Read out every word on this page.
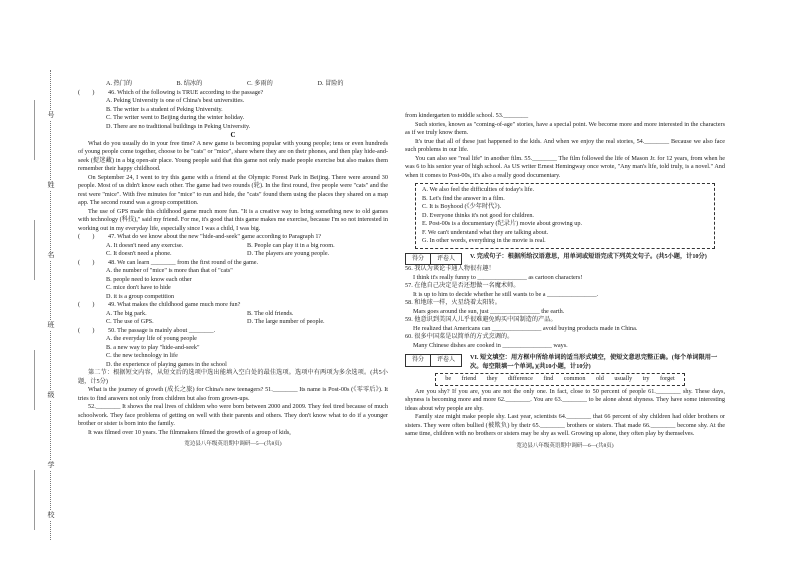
号
姓
名
班
级
学
校
A. 热门的	B. 结冰的	C. 多雨的	D. 冒险的
(　　)	46. Which of the following is TRUE according to the passage?
A. Peking University is one of China's best universities.
B. The writer is a student of Peking University.
C. The writer went to Beijing during the winter holiday.
D. There are no traditional buildings in Peking University.
C

What do you usually do in your free time? A new game is becoming popular with young people; tens or even hundreds of young people come together, choose to be "cats" or "mice", share where they are on their phones, and then play hide-and-seek (捉迷藏) in a big open-air place. Young people said that this game not only made people exercise but also makes them remember their happy childhood.

On September 24, I went to try this game with a friend at the Olympic Forest Park in Beijing. There were around 30 people. Most of us didn't know each other. The game had two rounds (轮). In the first round, five people were "cats" and the rest were "mice". With five minutes for "mice" to run and hide, the "cats" found them using the places they shared on a map app. The second round was a group competition.

The use of GPS made this childhood game much more fun. "It is a creative way to bring something new to old games with technology (科技)," said my friend. For me, it's good that this game makes me exercise, because I'm so not interested in working out in my everyday life, especially since I was a child, I was big.

(　　)	47. What do we know about the new "hide-and-seek" game according to Paragraph 1?
A. It doesn't need any exercise.	B. People can play it in a big room.
C. It doesn't need a phone.	D. The players are young people.
(　　)	48. We can learn ________ from the first round of the game.
A. the number of "mice" is more than that of "cats"
B. people need to know each other
C. mice don't have to hide
D. it is a group competition
(　　)	49. What makes the childhood game much more fun?
A. The big park.	B. The old friends.
C. The use of GPS.	D. The large number of people.
(　　)	50. The passage is mainly about ________.
A. the everyday life of young people
B. a new way to play "hide-and-seek"
C. the new technology in life
D. the experience of playing games in the school

第二节：根据短文内容，从短文后的选项中选出能填入空白处的最佳选项。选项中有两项为多余选项。(共5小题，计5分)

What is the journey of growth (成长之旅) for China's new teenagers? 51.________ Its name is Post-00s (《零零后》). It tries to find answers not only from children but also from grown-ups.

52.________ It shows the real lives of children who were born between 2000 and 2009. They feel tired because of much schoolwork. They face problems of getting on well with their parents and others. They don't know what to do if a younger brother or sister is born into the family.

It was filmed over 10 years. The filmmakers filmed the growth of a group of kids,

宽边县八年级英语期中调研—5—(共8页)

from kindergarten to middle school. 53.________

Such stories, known as "coming-of-age" stories, have a special point. We become more and more interested in the characters as if we truly know them.

It's true that all of these just happened to the kids. And when we enjoy the real stories, 54.________ Because we also face such problems in our life.

You can also see "real life" in another film. 55.________ The film followed the life of Mason Jr. for 12 years, from when he was 6 to his senior year of high school. As US writer Ernest Hemingway once wrote, "Any man's life, told truly, is a novel." And when it comes to Post-00s, it's also a really good documentary.

A. We also feel the difficulties of today's life.
B. Let's find the answer in a film.
C. It is Boyhood (《少年时代》).
D. Everyone thinks it's not good for children.
E. Post-00s is a documentary (纪录片) movie about growing up.
F. We can't understand what they are talking about.
G. In other words, everything in the movie is real.
得分	评卷人	V. 完成句子：根据所给汉语意思，用单词或短语完成下列英文句子。(共5小题，计10分)
56. 我认为谈论卡通人物很有趣！
I think it's really funny to ________________ as cartoon characters!
57. 在他自己决定是否还想做一名魔术师。
It is up to him to decide whether he still wants to be a ________________.
58. 和地球一样，火星绕着太阳转。
Mars goes around the sun, just ________________ the earth.
59. 他意识到美国人儿乎很难避免购买中国制造的产品。
He realized that Americans can ________________ avoid buying products made in China.
60. 很多中国菜是以简单的方式烹调的。
Many Chinese dishes are cooked in ________________ ways.
得分	评卷人	VI. 短文填空：用方框中所给单词的适当形式填空，使短文意思完整正确。(每个单词限用一次。每空限填一个单词。)(共10小题，计10分)
be friend they difference find common old usually try forget

Are you shy? If you are, you are not the only one. In fact, close to 50 percent of people 61.________ shy. These days, shyness is becoming more and more 62.________. You are 63.________ to be alone about shyness. They have some interesting ideas about why people are shy.

Family size might make people shy. Last year, scientists 64.________ that 66 percent of shy children had older brothers or sisters. They were often bullied (被欺负) by their 65.________ brothers or sisters. That made 66.________ become shy. At the same time, children with no brothers or sisters may be shy as well. Growing up alone, they often play by themselves.

宽边县八年级英语期中调研—6—(共8页)
